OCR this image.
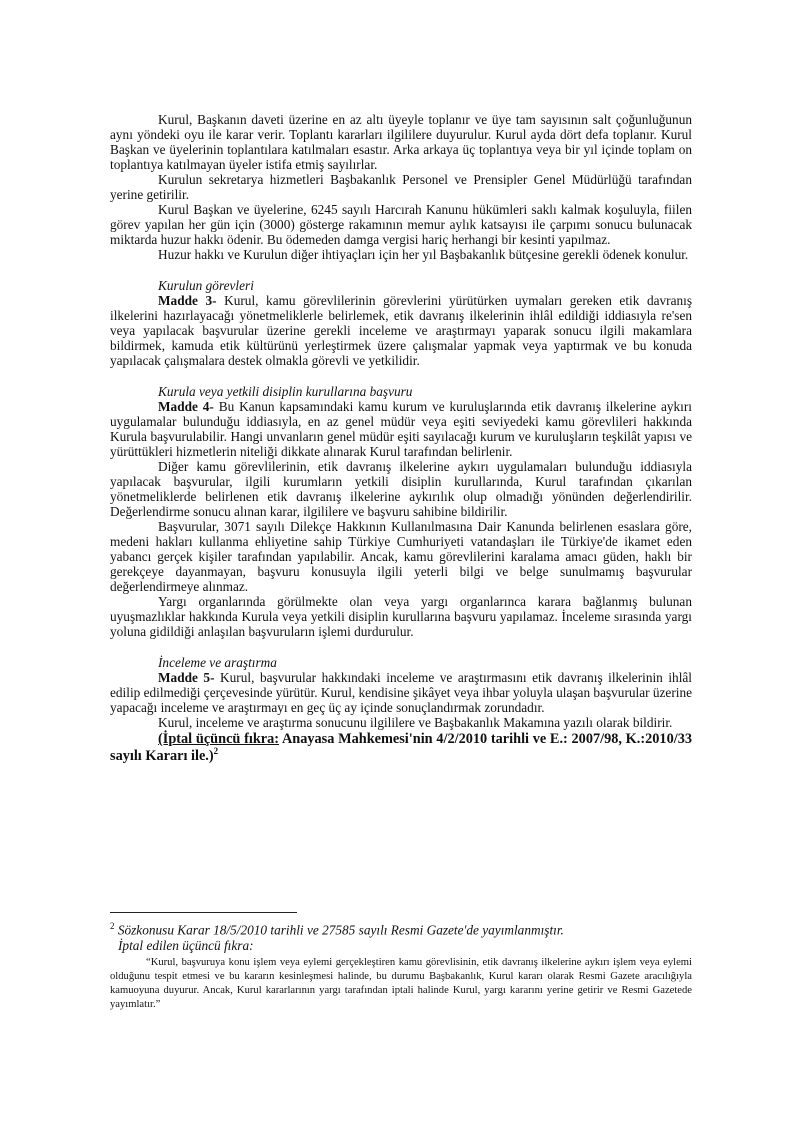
Kurul, Başkanın daveti üzerine en az altı üyeyle toplanır ve üye tam sayısının salt çoğunluğunun aynı yöndeki oyu ile karar verir. Toplantı kararları ilgililere duyurulur. Kurul ayda dört defa toplanır. Kurul Başkan ve üyelerinin toplantılara katılmaları esastır. Arka arkaya üç toplantıya veya bir yıl içinde toplam on toplantıya katılmayan üyeler istifa etmiş sayılırlar.

Kurulun sekretarya hizmetleri Başbakanlık Personel ve Prensipler Genel Müdürlüğü tarafından yerine getirilir.

Kurul Başkan ve üyelerine, 6245 sayılı Harcırah Kanunu hükümleri saklı kalmak koşuluyla, fiilen görev yapılan her gün için (3000) gösterge rakamının memur aylık katsayısı ile çarpımı sonucu bulunacak miktarda huzur hakkı ödenir. Bu ödemeden damga vergisi hariç herhangi bir kesinti yapılmaz.

Huzur hakkı ve Kurulun diğer ihtiyaçları için her yıl Başbakanlık bütçesine gerekli ödenek konulur.

Kurulun görevleri

Madde 3- Kurul, kamu görevlilerinin görevlerini yürütürken uymaları gereken etik davranış ilkelerini hazırlayacağı yönetmeliklerle belirlemek, etik davranış ilkelerinin ihlâl edildiği iddiasıyla re'sen veya yapılacak başvurular üzerine gerekli inceleme ve araştırmayı yaparak sonucu ilgili makamlara bildirmek, kamuda etik kültürünü yerleştirmek üzere çalışmalar yapmak veya yaptırmak ve bu konuda yapılacak çalışmalara destek olmakla görevli ve yetkilidir.

Kurula veya yetkili disiplin kurullarına başvuru

Madde 4- Bu Kanun kapsamındaki kamu kurum ve kuruluşlarında etik davranış ilkelerine aykırı uygulamalar bulunduğu iddiasıyla, en az genel müdür veya eşiti seviyedeki kamu görevlileri hakkında Kurula başvurulabilir. Hangi unvanların genel müdür eşiti sayılacağı kurum ve kuruluşların teşkilât yapısı ve yürüttükleri hizmetlerin niteliği dikkate alınarak Kurul tarafından belirlenir.

Diğer kamu görevlilerinin, etik davranış ilkelerine aykırı uygulamaları bulunduğu iddiasıyla yapılacak başvurular, ilgili kurumların yetkili disiplin kurullarında, Kurul tarafından çıkarılan yönetmeliklerde belirlenen etik davranış ilkelerine aykırılık olup olmadığı yönünden değerlendirilir. Değerlendirme sonucu alınan karar, ilgililere ve başvuru sahibine bildirilir.

Başvurular, 3071 sayılı Dilekçe Hakkının Kullanılmasına Dair Kanunda belirlenen esaslara göre, medeni hakları kullanma ehliyetine sahip Türkiye Cumhuriyeti vatandaşları ile Türkiye'de ikamet eden yabancı gerçek kişiler tarafından yapılabilir. Ancak, kamu görevlilerini karalama amacı güden, haklı bir gerekçeye dayanmayan, başvuru konusuyla ilgili yeterli bilgi ve belge sunulmamış başvurular değerlendirmeye alınmaz.

Yargı organlarında görülmekte olan veya yargı organlarınca karara bağlanmış bulunan uyuşmazlıklar hakkında Kurula veya yetkili disiplin kurullarına başvuru yapılamaz. İnceleme sırasında yargı yoluna gidildiği anlaşılan başvuruların işlemi durdurulur.

İnceleme ve araştırma

Madde 5- Kurul, başvurular hakkındaki inceleme ve araştırmasını etik davranış ilkelerinin ihlâl edilip edilmediği çerçevesinde yürütür. Kurul, kendisine şikâyet veya ihbar yoluyla ulaşan başvurular üzerine yapacağı inceleme ve araştırmayı en geç üç ay içinde sonuçlandırmak zorundadır.

Kurul, inceleme ve araştırma sonucunu ilgililere ve Başbakanlık Makamına yazılı olarak bildirir.

(İptal üçüncü fıkra: Anayasa Mahkemesi'nin 4/2/2010 tarihli ve E.: 2007/98, K.:2010/33 sayılı Kararı ile.)$^2$

$^2$ Sözkonusu Karar 18/5/2010 tarihli ve 27585 sayılı Resmi Gazete'de yayımlanmıştır.
İptal edilen üçüncü fıkra:
“Kurul, başvuruya konu işlem veya eylemi gerçekleştiren kamu görevlisinin, etik davranış ilkelerine aykırı işlem veya eylemi olduğunu tespit etmesi ve bu kararın kesinleşmesi halinde, bu durumu Başbakanlık, Kurul kararı olarak Resmi Gazete aracılığıyla kamuoyuna duyurur. Ancak, Kurul kararlarının yargı tarafından iptali halinde Kurul, yargı kararını yerine getirir ve Resmi Gazetede yayımlatır.”
